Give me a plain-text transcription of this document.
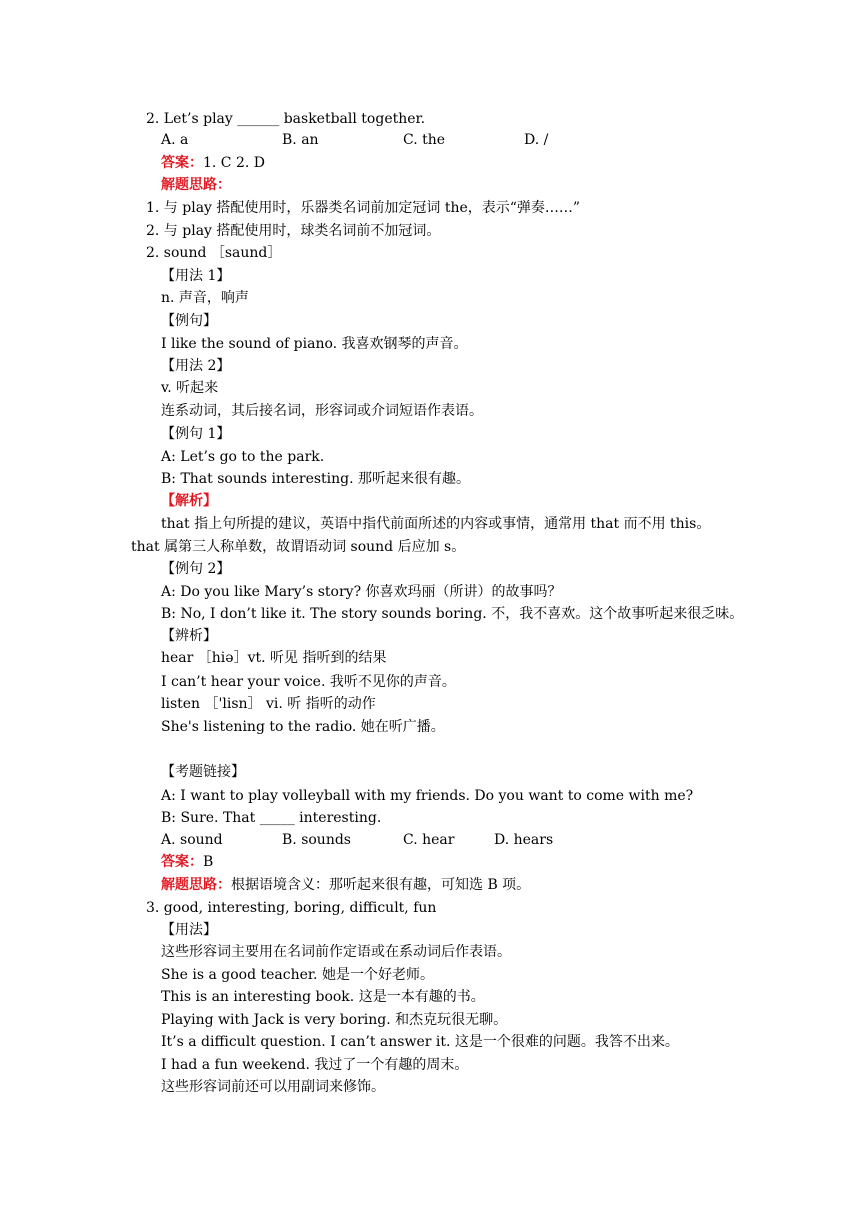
2. Let’s play ______ basketball together.
A. a	B. an	C. the	D. /
答案：1. C 2. D
解题思路：
1. 与 play 搭配使用时，乐器类名词前加定冠词 the，表示“弹奏……”
2. 与 play 搭配使用时，球类名词前不加冠词。
2. sound ［saund］
【用法 1】
n. 声音，响声
【例句】
I like the sound of piano. 我喜欢钢琴的声音。
【用法 2】
v. 听起来
连系动词，其后接名词，形容词或介词短语作表语。
【例句 1】
A: Let’s go to the park.
B: That sounds interesting. 那听起来很有趣。
【解析】
that 指上句所提的建议，英语中指代前面所述的内容或事情，通常用 that 而不用 this。
that 属第三人称单数，故谓语动词 sound 后应加 s。
【例句 2】
A: Do you like Mary’s story? 你喜欢玛丽（所讲）的故事吗？
B: No, I don’t like it. The story sounds boring. 不，我不喜欢。这个故事听起来很乏味。
【辨析】
hear ［hiə］vt. 听见 指听到的结果
I can’t hear your voice. 我听不见你的声音。
listen ［'lisn］ vi. 听 指听的动作
She's listening to the radio. 她在听广播。
【考题链接】
A: I want to play volleyball with my friends. Do you want to come with me?
B: Sure. That _____ interesting.
A. sound	B. sounds	C. hear	D. hears
答案：B
解题思路：根据语境含义：那听起来很有趣，可知选 B 项。
3. good, interesting, boring, difficult, fun
【用法】
这些形容词主要用在名词前作定语或在系动词后作表语。
She is a good teacher. 她是一个好老师。
This is an interesting book. 这是一本有趣的书。
Playing with Jack is very boring. 和杰克玩很无聊。
It’s a difficult question. I can’t answer it. 这是一个很难的问题。我答不出来。
I had a fun weekend. 我过了一个有趣的周末。
这些形容词前还可以用副词来修饰。
